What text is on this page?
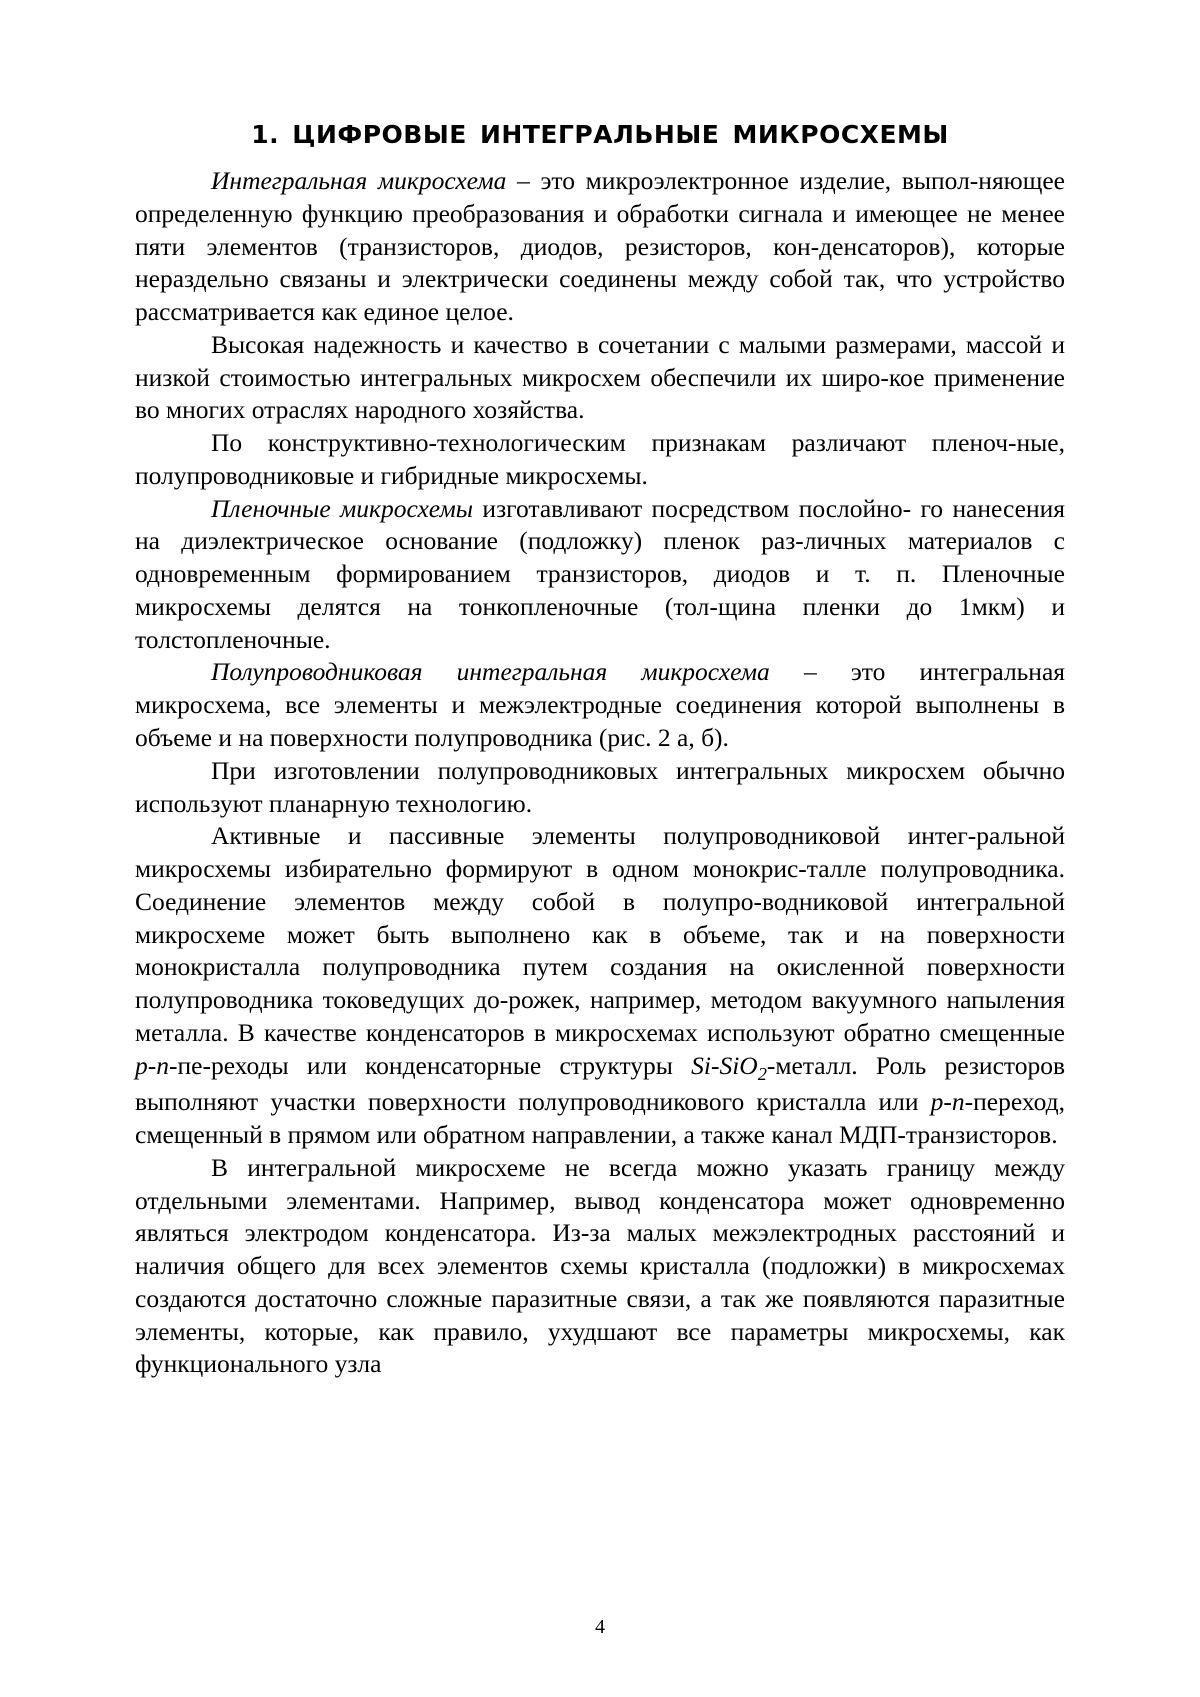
1. ЦИФРОВЫЕ ИНТЕГРАЛЬНЫЕ МИКРОСХЕМЫ

Интегральная микросхема – это микроэлектронное изделие, выпол-няющее определенную функцию преобразования и обработки сигнала и имеющее не менее пяти элементов (транзисторов, диодов, резисторов, кон-денсаторов), которые нераздельно связаны и электрически соединены между собой так, что устройство рассматривается как единое целое.

Высокая надежность и качество в сочетании с малыми размерами, массой и низкой стоимостью интегральных микросхем обеспечили их широ-кое применение во многих отраслях народного хозяйства.

По конструктивно-технологическим признакам различают пленоч-ные, полупроводниковые и гибридные микросхемы.

Пленочные микросхемы изготавливают посредством послойно- го нанесения на диэлектрическое основание (подложку) пленок раз-личных материалов с одновременным формированием транзисторов, диодов и т. п. Пленочные микросхемы делятся на тонкопленочные (тол-щина пленки до 1мкм) и толстопленочные.

Полупроводниковая интегральная микросхема – это интегральная микросхема, все элементы и межэлектродные соединения которой выполнены в объеме и на поверхности полупроводника (рис. 2 а, б).

При изготовлении полупроводниковых интегральных микросхем обычно используют планарную технологию.

Активные и пассивные элементы полупроводниковой интег-ральной микросхемы избирательно формируют в одном монокрис-талле полупроводника. Соединение элементов между собой в полупро-водниковой интегральной микросхеме может быть выполнено как в объеме, так и на поверхности монокристалла полупроводника путем создания на окисленной поверхности полупроводника токоведущих до-рожек, например, методом вакуумного напыления металла. В качестве конденсаторов в микросхемах используют обратно смещенные p-n-пе-реходы или конденсаторные структуры Si-SiO$_2$-металл. Роль резисторов выполняют участки поверхности полупроводникового кристалла или p-n-переход, смещенный в прямом или обратном направлении, а также канал МДП-транзисторов.

В интегральной микросхеме не всегда можно указать границу между отдельными элементами. Например, вывод конденсатора может одновременно являться электродом конденсатора. Из-за малых межэлектродных расстояний и наличия общего для всех элементов схемы кристалла (подложки) в микросхемах создаются достаточно сложные паразитные связи, а так же появляются паразитные элементы, которые, как правило, ухудшают все параметры микросхемы, как функционального узла

4
